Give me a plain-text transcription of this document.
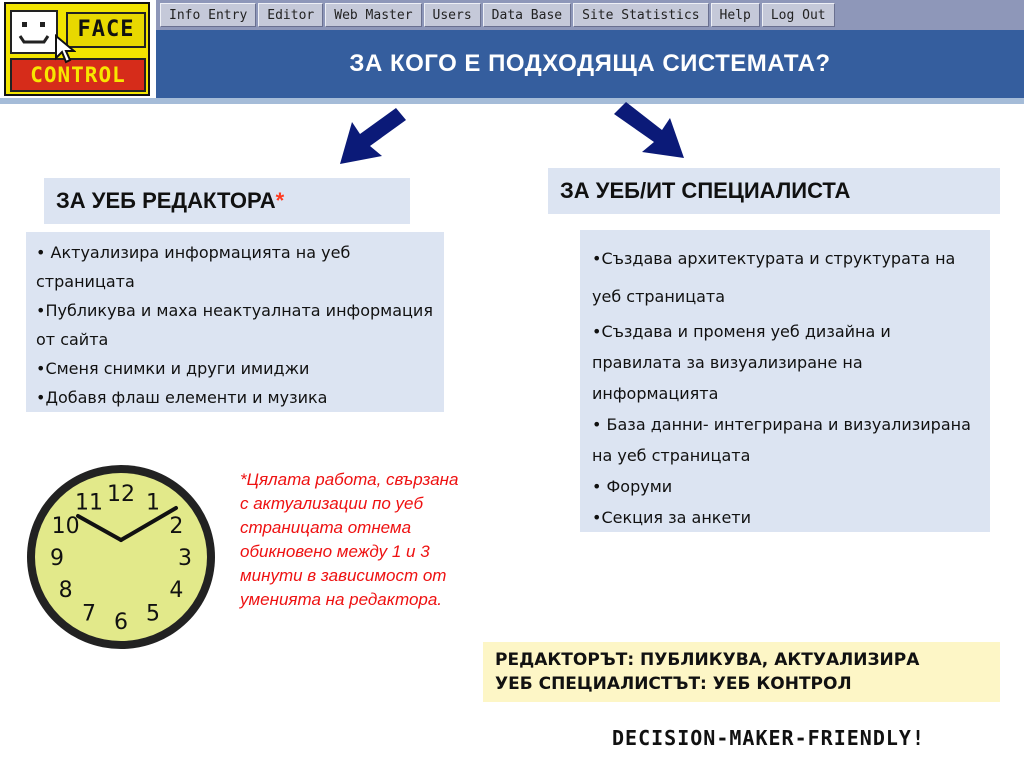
FACE
CONTROL
Info Entry	Editor	Web Master	Users	Data Base	Site Statistics	Help	Log Out
ЗА КОГО Е ПОДХОДЯЩА СИСТЕМАТА?
ЗА УЕБ РЕДАКТОРА *
• Актуализира информацията на уеб страницата
•Публикува и маха неактуалната информация от сайта
•Сменя снимки и други имиджи
•Добавя флаш елементи и музика
ЗА УЕБ/ИТ СПЕЦИАЛИСТА
•Създава архитектурата и структурата на уеб страницата
•Създава и променя уеб дизайна и правилата за визуализиране на информацията
• База данни- интегрирана и визуализирана на уеб страницата
• Форуми
•Секция за анкети
12 1
2
3
4
5
6
7
8
9
10
11
*Цялата работа, свързана с актуализации по уеб страницата отнема обикновено между 1 и 3 минути в зависимост от уменията на редактора.
РЕДАКТОРЪТ: ПУБЛИКУВА, АКТУАЛИЗИРА
УЕБ СПЕЦИАЛИСТЪТ: УЕБ КОНТРОЛ
DECISION-MAKER-FRIENDLY!
